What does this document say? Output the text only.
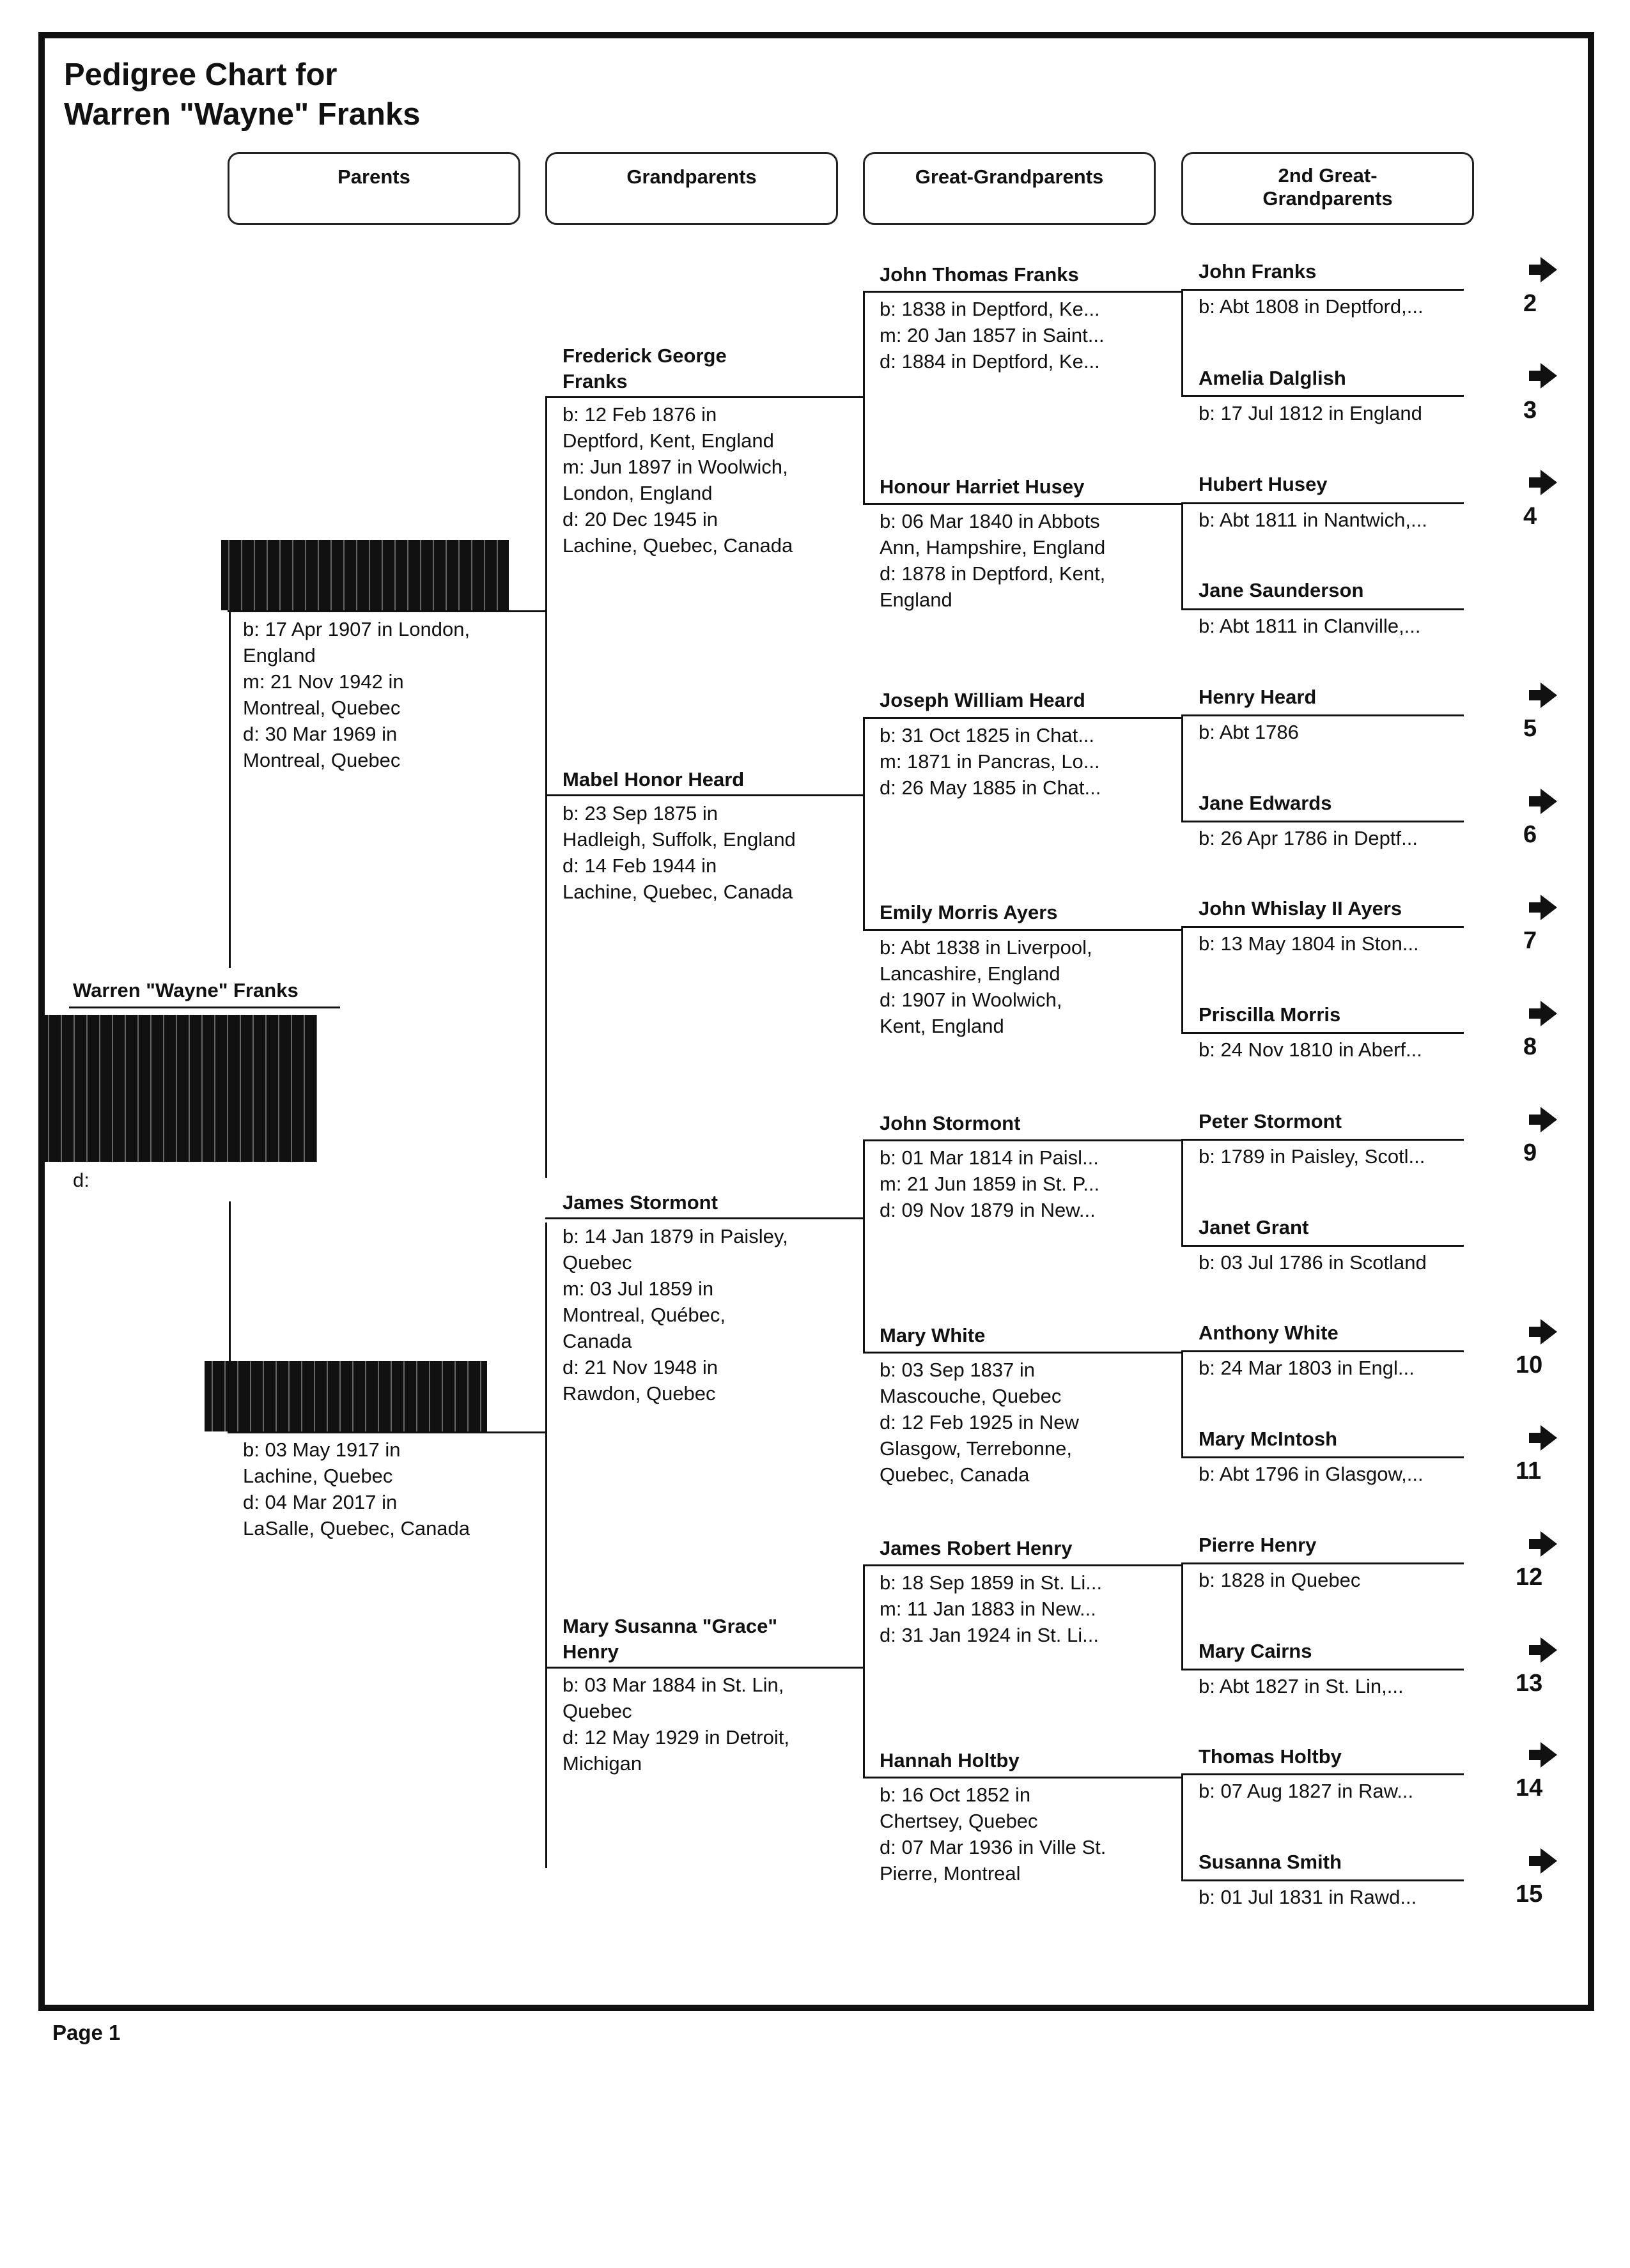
Pedigree Chart for
Warren "Wayne" Franks
Parents	Grandparents	Great-Grandparents	2nd Great-
Grandparents
Warren "Wayne" Franks
d:
b: 17 Apr 1907 in London,
England
m: 21 Nov 1942 in
Montreal, Quebec
d: 30 Mar 1969 in
Montreal, Quebec
b: 03 May 1917 in
Lachine, Quebec
d: 04 Mar 2017 in
LaSalle, Quebec, Canada
Frederick George Franks
b: 12 Feb 1876 in
Deptford, Kent, England
m: Jun 1897 in Woolwich,
London, England
d: 20 Dec 1945 in
Lachine, Quebec, Canada
Mabel Honor Heard
b: 23 Sep 1875 in
Hadleigh, Suffolk, England
d: 14 Feb 1944 in
Lachine, Quebec, Canada
James Stormont
b: 14 Jan 1879 in Paisley,
Quebec
m: 03 Jul 1859 in
Montreal, Québec,
Canada
d: 21 Nov 1948 in
Rawdon, Quebec
Mary Susanna "Grace" Henry
b: 03 Mar 1884 in St. Lin,
Quebec
d: 12 May 1929 in Detroit,
Michigan
John Thomas Franks
b: 1838 in Deptford, Ke...
m: 20 Jan 1857 in Saint...
d: 1884 in Deptford, Ke...
Honour Harriet Husey
b: 06 Mar 1840 in Abbots
Ann, Hampshire, England
d: 1878 in Deptford, Kent,
England
Joseph William Heard
b: 31 Oct 1825 in Chat...
m: 1871 in Pancras, Lo...
d: 26 May 1885 in Chat...
Emily Morris Ayers
b: Abt 1838 in Liverpool,
Lancashire, England
d: 1907 in Woolwich,
Kent, England
John Stormont
b: 01 Mar 1814 in Paisl...
m: 21 Jun 1859 in St. P...
d: 09 Nov 1879 in New...
Mary White
b: 03 Sep 1837 in
Mascouche, Quebec
d: 12 Feb 1925 in New
Glasgow, Terrebonne,
Quebec, Canada
James Robert Henry
b: 18 Sep 1859 in St. Li...
m: 11 Jan 1883 in New...
d: 31 Jan 1924 in St. Li...
Hannah Holtby
b: 16 Oct 1852 in
Chertsey, Quebec
d: 07 Mar 1936 in Ville St.
Pierre, Montreal
John Franks
b: Abt 1808 in Deptford,...	2
Amelia Dalglish
b: 17 Jul 1812 in England	3
Hubert Husey
b: Abt 1811 in Nantwich,...	4
Jane Saunderson
b: Abt 1811 in Clanville,...
Henry Heard
b: Abt 1786	5
Jane Edwards
b: 26 Apr 1786 in Deptf...	6
John Whislay II Ayers
b: 13 May 1804 in Ston...	7
Priscilla Morris
b: 24 Nov 1810 in Aberf...	8
Peter Stormont
b: 1789 in Paisley, Scotl...	9
Janet Grant
b: 03 Jul 1786 in Scotland
Anthony White
b: 24 Mar 1803 in Engl...	10
Mary McIntosh
b: Abt 1796 in Glasgow,...	11
Pierre Henry
b: 1828 in Quebec	12
Mary Cairns
b: Abt 1827 in St. Lin,...	13
Thomas Holtby
b: 07 Aug 1827 in Raw...	14
Susanna Smith
b: 01 Jul 1831 in Rawd...	15
Page 1
